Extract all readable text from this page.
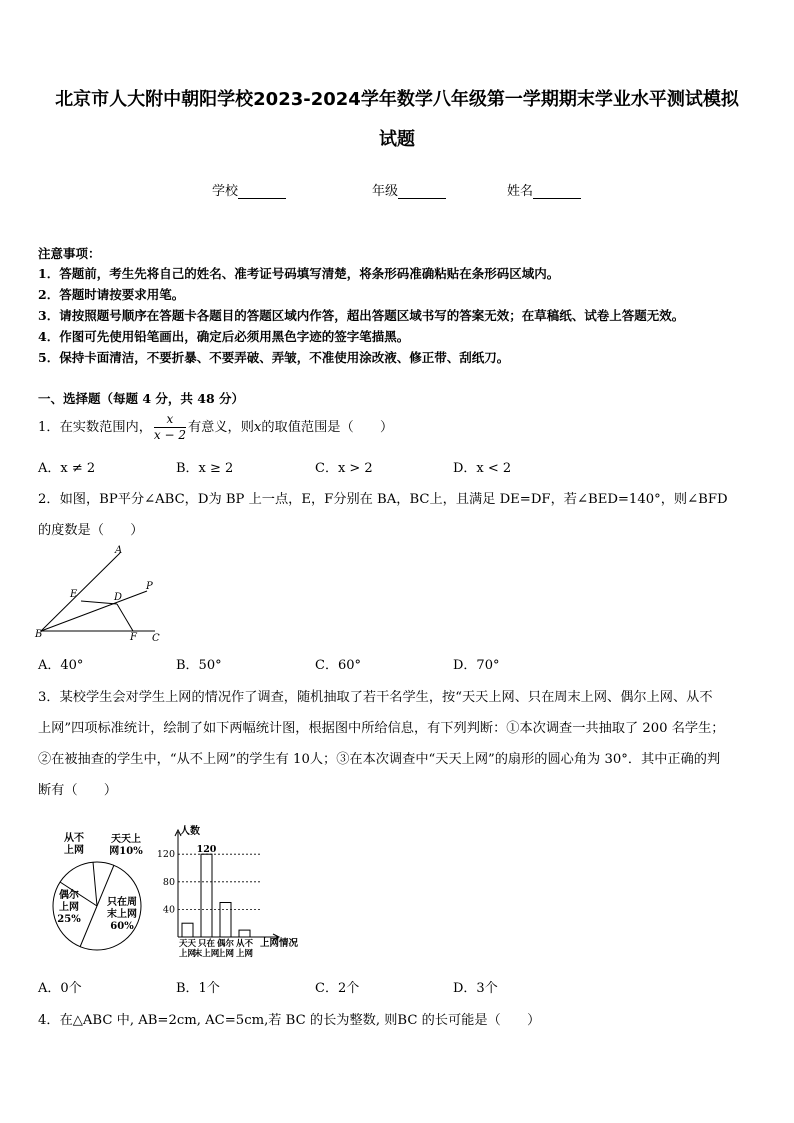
北京市人大附中朝阳学校2023-2024学年数学八年级第一学期期末学业水平测试模拟
试题
学校	年级	姓名
注意事项：
1．答题前，考生先将自己的姓名、准考证号码填写清楚，将条形码准确粘贴在条形码区域内。
2．答题时请按要求用笔。
3．请按照题号顺序在答题卡各题目的答题区域内作答，超出答题区域书写的答案无效；在草稿纸、试卷上答题无效。
4．作图可先使用铅笔画出，确定后必须用黑色字迹的签字笔描黑。
5．保持卡面清洁，不要折暴、不要弄破、弄皱，不准使用涂改液、修正带、刮纸刀。
一、选择题（每题 4 分，共 48 分）
1．在实数范围内， $\frac{x}{x - 2}$ 有意义，则x的取值范围是（　　）
A．x ≠ 2	B．x ≥ 2	C．x > 2	D．x < 2
2．如图，BP平分∠ABC，D为 BP 上一点，E，F分别在 BA，BC上，且满足 DE=DF，若∠BED=140°，则∠BFD
的度数是（　　）
A
E	D
P
B	F C
A．40°	B．50°	C．60°	D．70°
3．某校学生会对学生上网的情况作了调查，随机抽取了若干名学生，按“天天上网、只在周末上网、偶尔上网、从不
上网”四项标准统计，绘制了如下两幅统计图，根据图中所给信息，有下列判断：①本次调查一共抽取了 200 名学生；
②在被抽查的学生中，“从不上网”的学生有 10人；③在本次调查中“天天上网”的扇形的圆心角为 30°．其中正确的判
断有（　　）
从不
上网
天天上
网10%
偶尔
上网
25%
只在周
末上网
60%
人数
上网情况
40
80
120
天天
上网
120
只在
末上网
偶尔
上网
从不
上网
A．0个	B．1个	C．2个	D．3个
4．在△ABC 中, AB=2cm, AC=5cm,若 BC 的长为整数, 则BC 的长可能是（　　）
